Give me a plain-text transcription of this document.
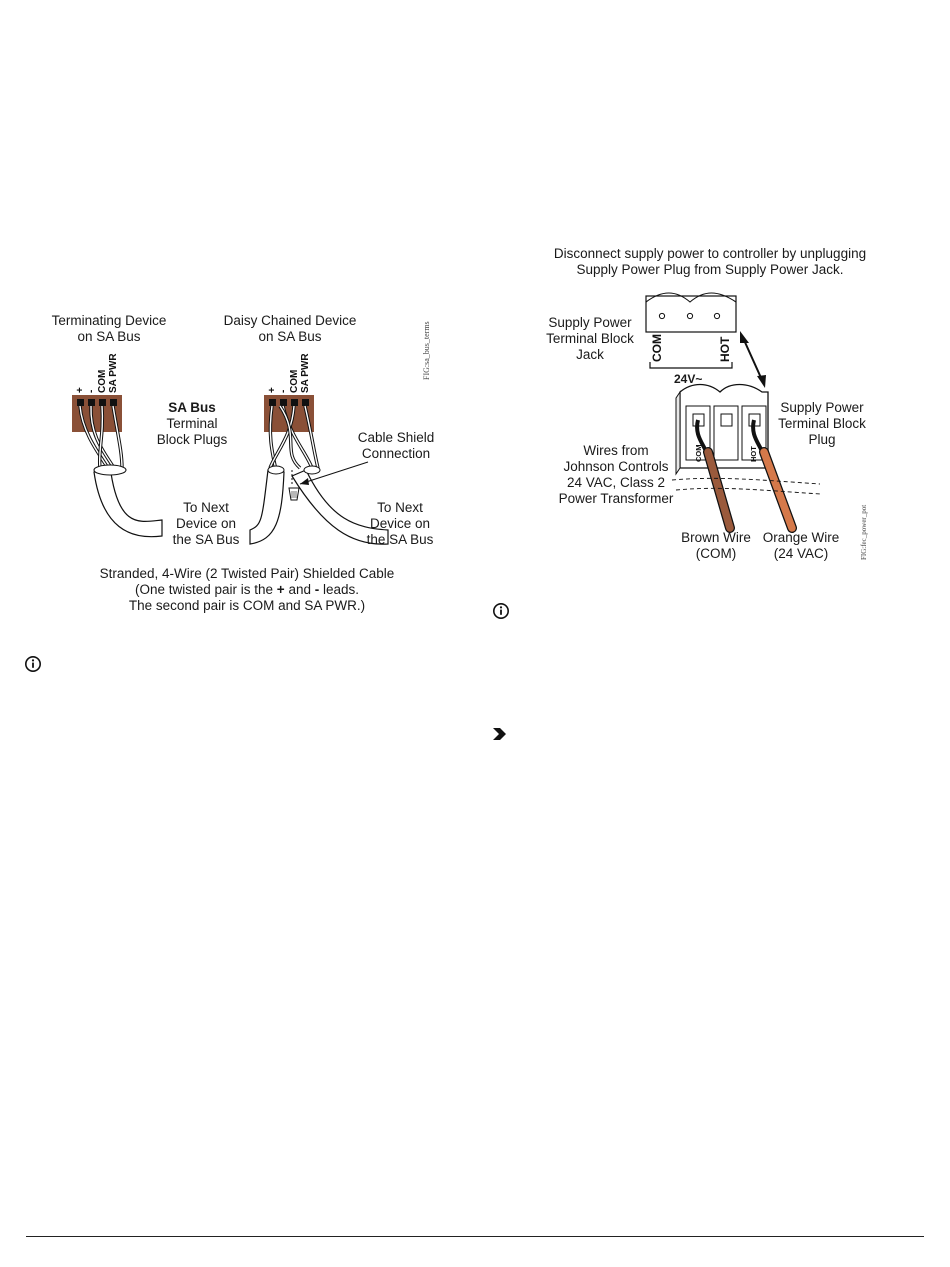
Terminating Device
on SA Bus
Daisy Chained Device
on SA Bus	FIG:sa_bus_terms
+ - COM SA PWR	+ - COM SA PWR
SA Bus
Terminal
Block Plugs	Cable Shield
Connection
To Next
Device on
the SA Bus
To Next
Device on
the SA Bus
Stranded, 4-Wire (2 Twisted Pair) Shielded Cable
(One twisted pair is the + and - leads.
The second pair is COM and SA PWR.)
Disconnect supply power to controller by unplugging
Supply Power Plug from Supply Power Jack.
Supply Power
Terminal Block
Jack	COM	HOT
24V~
Supply Power
Terminal Block
Plug
COM	HOT
Wires from
Johnson Controls
24 VAC, Class 2
Power Transformer
Brown Wire
(COM)
Orange Wire
(24 VAC)	FIG:fec_power_pot
